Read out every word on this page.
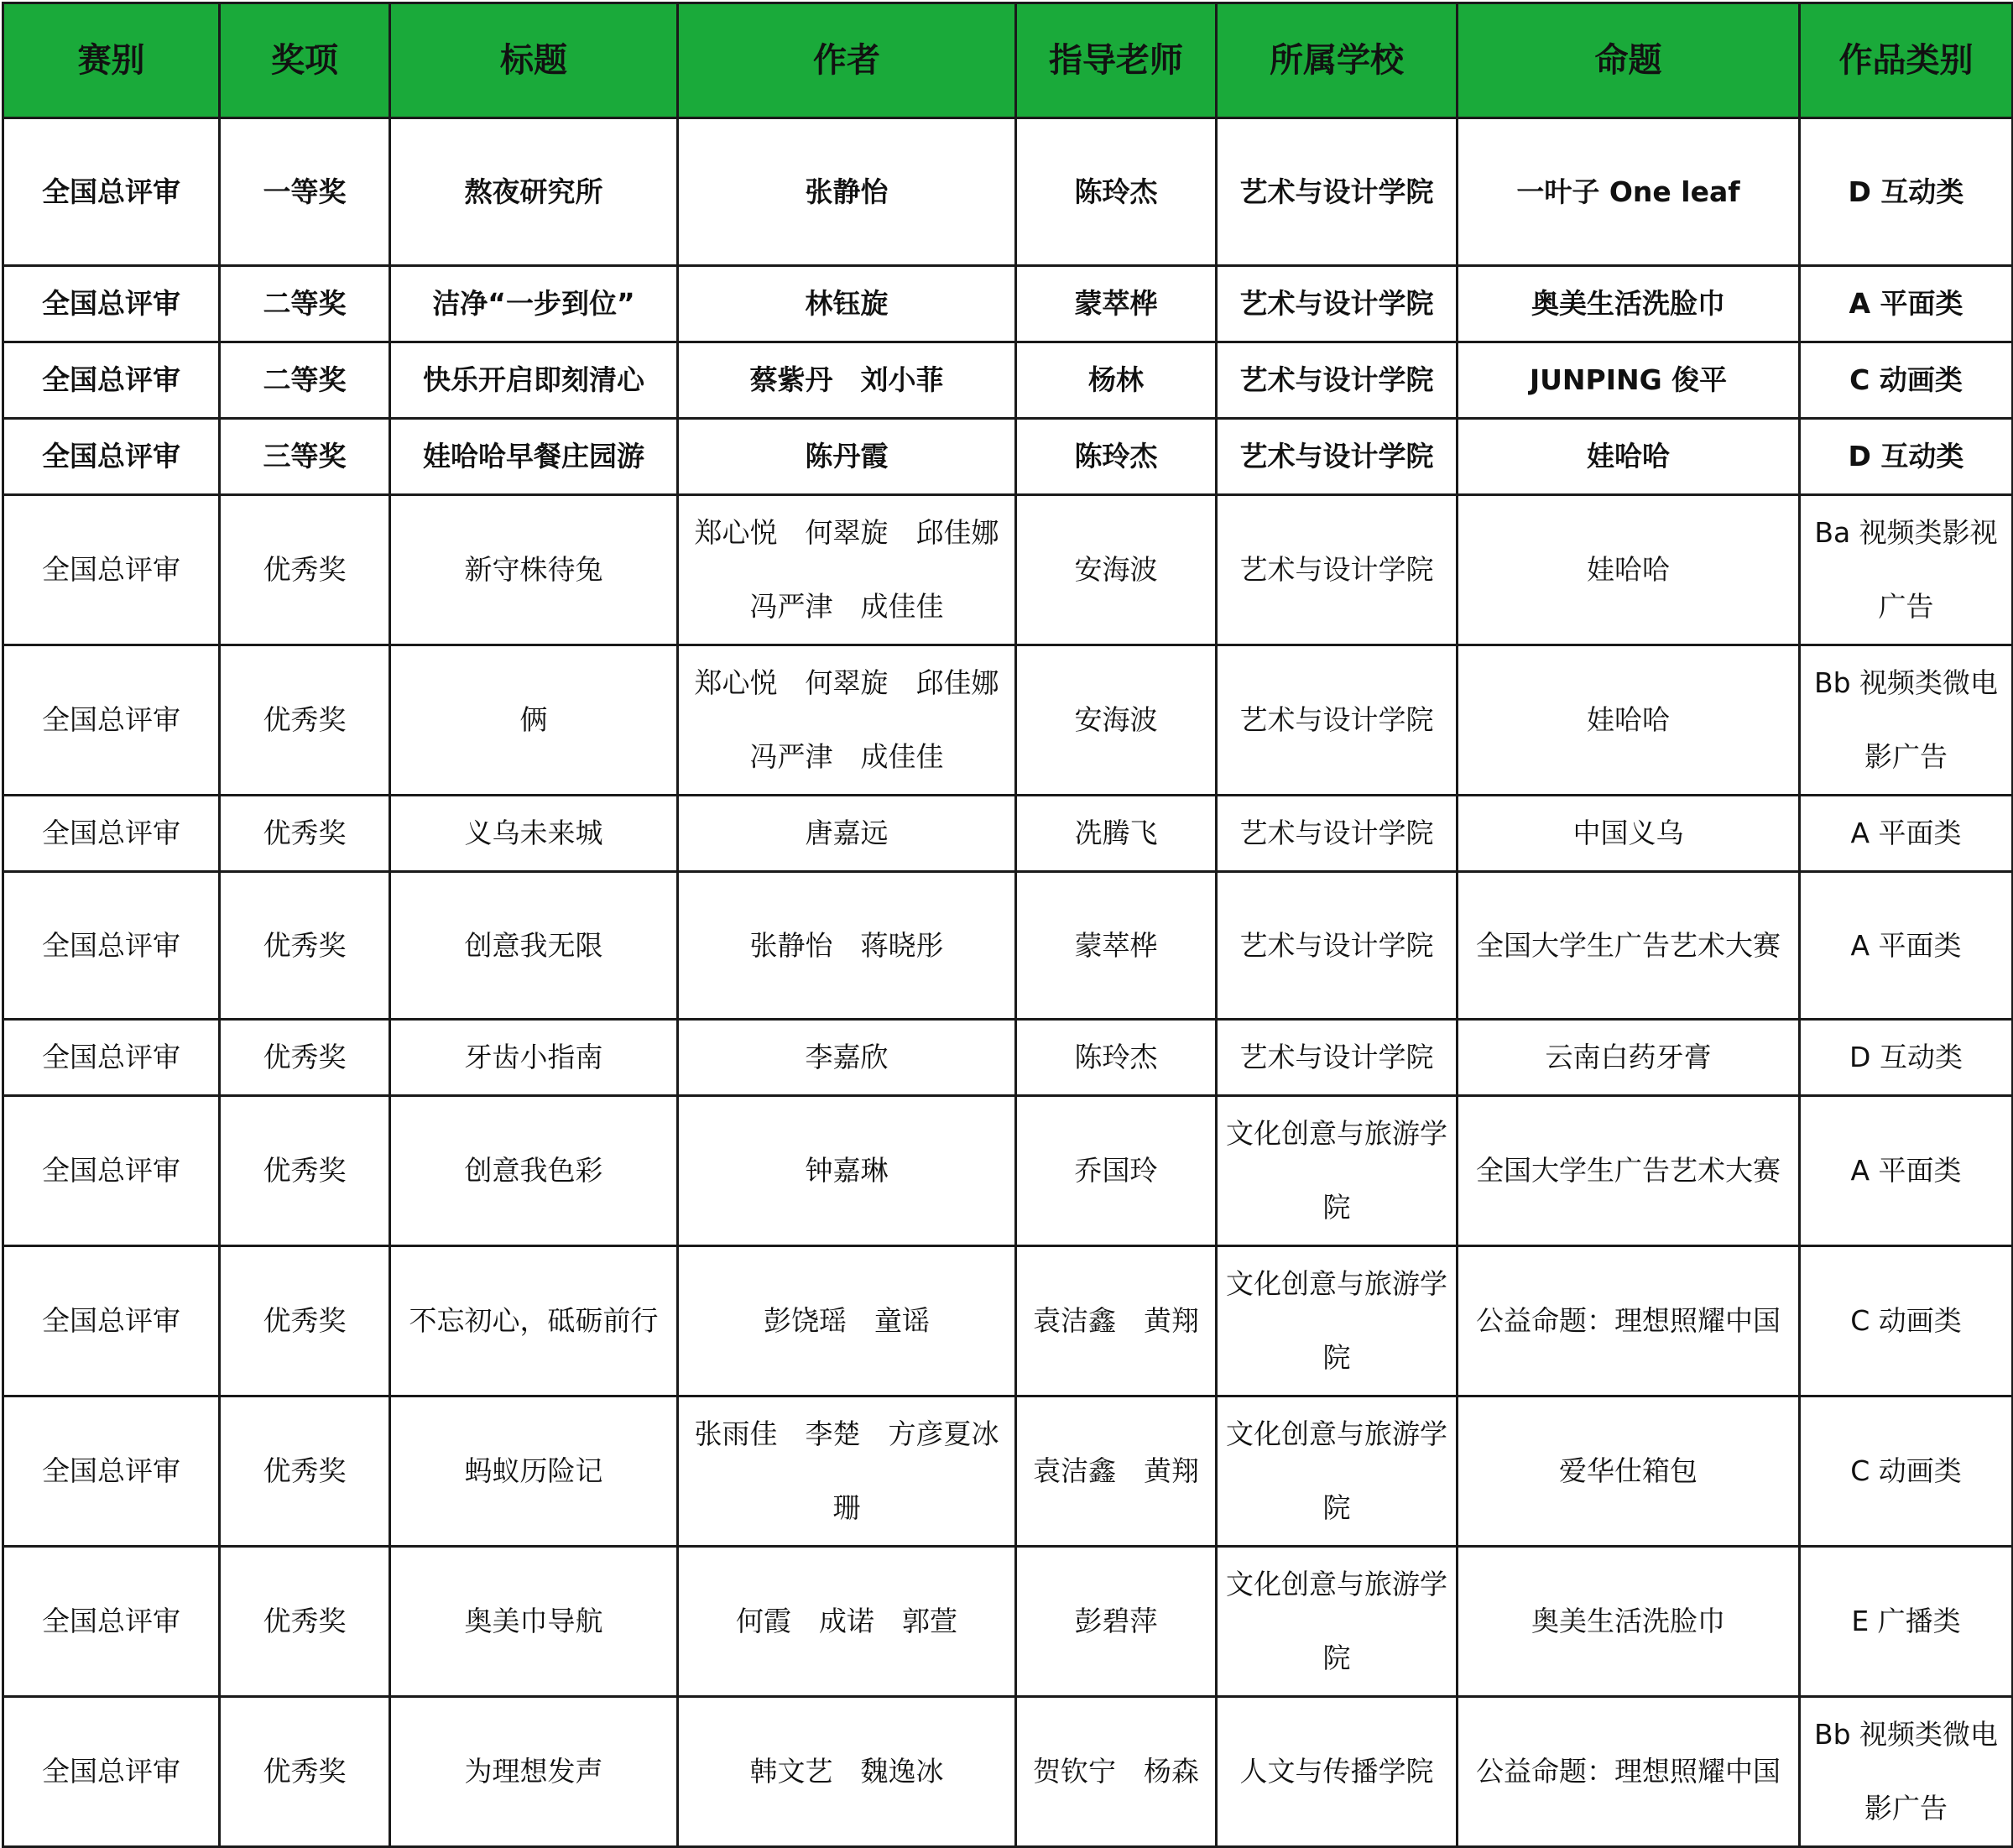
赛别	奖项	标题	作者	指导老师	所属学校	命题	作品类别
全国总评审	一等奖	熬夜研究所	张静怡	陈玲杰	艺术与设计学院	一叶子 One leaf	D 互动类
全国总评审	二等奖	洁净“一步到位”	林钰旋	蒙萃桦	艺术与设计学院	奥美生活洗脸巾	A 平面类
全国总评审	二等奖	快乐开启即刻清心	蔡紫丹　刘小菲	杨林	艺术与设计学院	JUNPING 俊平	C 动画类
全国总评审	三等奖	娃哈哈早餐庄园游	陈丹霞	陈玲杰	艺术与设计学院	娃哈哈	D 互动类
全国总评审	优秀奖	新守株待兔	郑心悦　何翠旋　邱佳娜　冯严津　成佳佳	安海波	艺术与设计学院	娃哈哈	Ba 视频类影视广告
全国总评审	优秀奖	俩	郑心悦　何翠旋　邱佳娜　冯严津　成佳佳	安海波	艺术与设计学院	娃哈哈	Bb 视频类微电影广告
全国总评审	优秀奖	义乌未来城	唐嘉远	冼腾飞	艺术与设计学院	中国义乌	A 平面类
全国总评审	优秀奖	创意我无限	张静怡　蒋晓彤	蒙萃桦	艺术与设计学院	全国大学生广告艺术大赛	A 平面类
全国总评审	优秀奖	牙齿小指南	李嘉欣	陈玲杰	艺术与设计学院	云南白药牙膏	D 互动类
全国总评审	优秀奖	创意我色彩	钟嘉琳	乔国玲	文化创意与旅游学院	全国大学生广告艺术大赛	A 平面类
全国总评审	优秀奖	不忘初心，砥砺前行	彭饶瑶　童谣	袁洁鑫　黄翔	文化创意与旅游学院	公益命题：理想照耀中国	C 动画类
全国总评审	优秀奖	蚂蚁历险记	张雨佳　李楚　方彦夏冰珊	袁洁鑫　黄翔	文化创意与旅游学院	爱华仕箱包	C 动画类
全国总评审	优秀奖	奥美巾导航	何霞　成诺　郭萱	彭碧萍	文化创意与旅游学院	奥美生活洗脸巾	E 广播类
全国总评审	优秀奖	为理想发声	韩文艺　魏逸冰	贺钦宁　杨森	人文与传播学院	公益命题：理想照耀中国	Bb 视频类微电影广告
